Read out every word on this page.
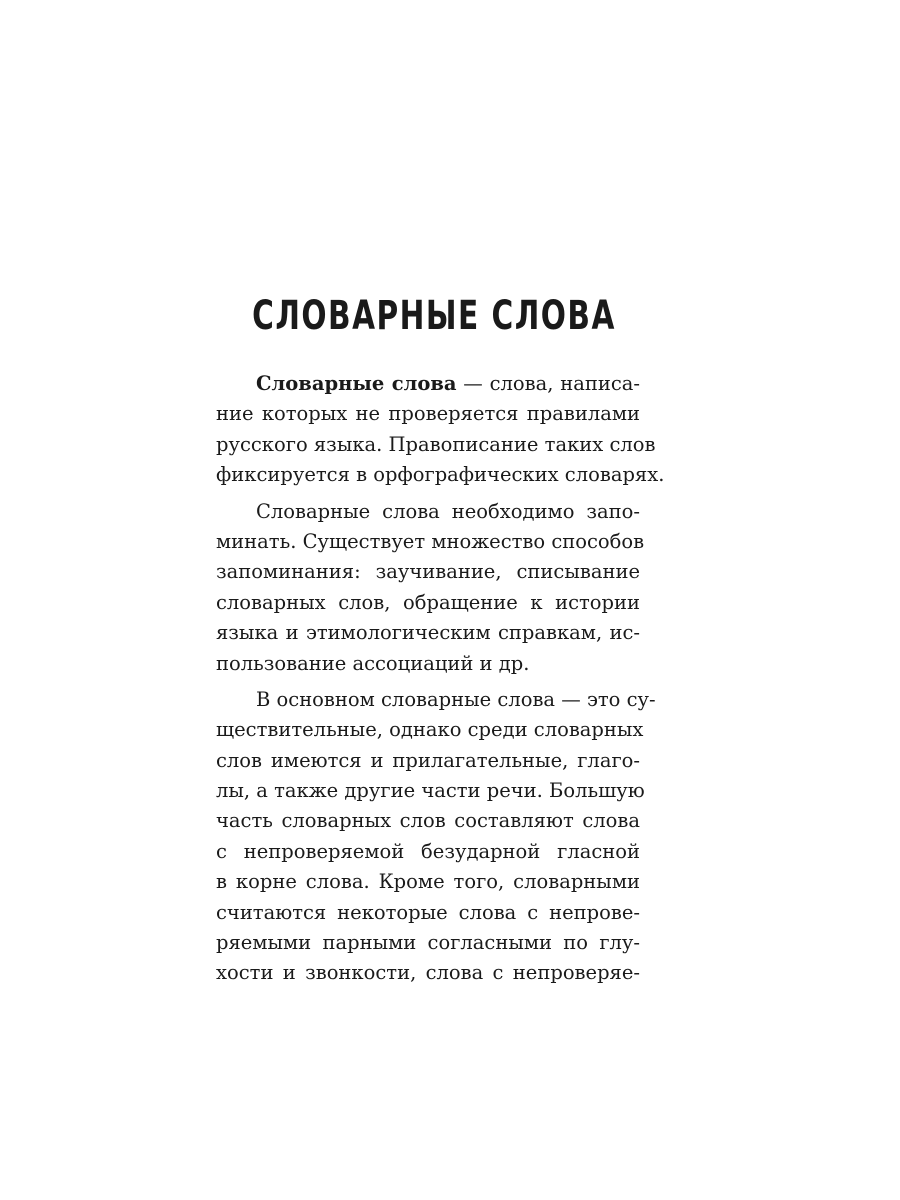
СЛОВАРНЫЕ СЛОВА
Словарные слова — слова, написа-
ние которых не проверяется правилами
русского языка. Правописание таких слов
фиксируется в орфографических словарях.
Словарные слова необходимо запо-
минать. Существует множество способов
запоминания: заучивание, списывание
словарных слов, обращение к истории
языка и этимологическим справкам, ис-
пользование ассоциаций и др.
В основном словарные слова — это су-
ществительные, однако среди словарных
слов имеются и прилагательные, глаго-
лы, а также другие части речи. Большую
часть словарных слов составляют слова
с непроверяемой безударной гласной
в корне слова. Кроме того, словарными
считаются некоторые слова с непрове-
ряемыми парными согласными по глу-
хости и звонкости, слова с непроверяе-
